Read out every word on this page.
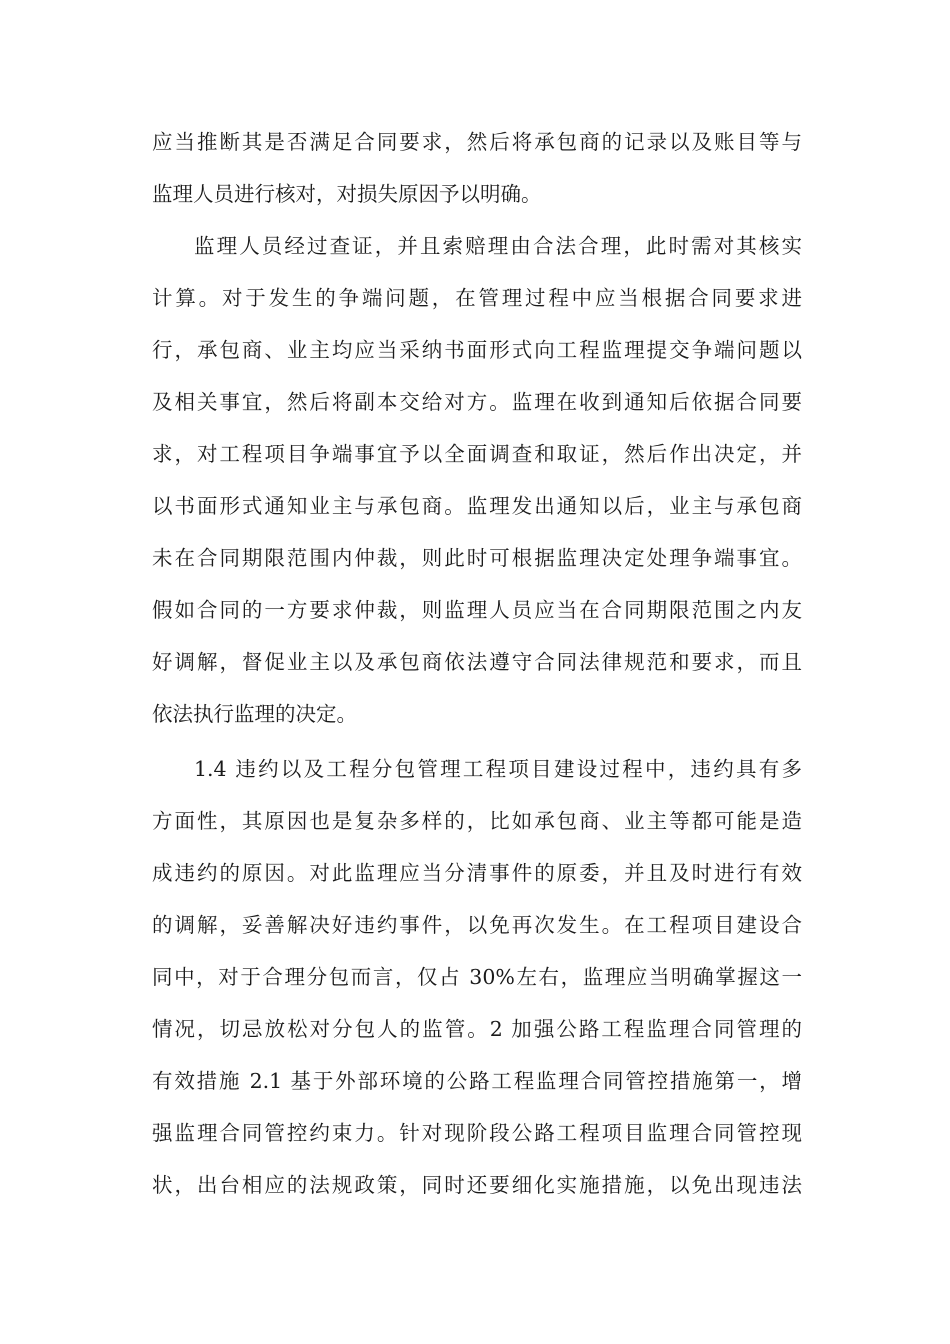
应当推断其是否满足合同要求，然后将承包商的记录以及账目等与
监理人员进行核对，对损失原因予以明确。
监理人员经过查证，并且索赔理由合法合理，此时需对其核实
计算。对于发生的争端问题，在管理过程中应当根据合同要求进
行，承包商、业主均应当采纳书面形式向工程监理提交争端问题以
及相关事宜，然后将副本交给对方。监理在收到通知后依据合同要
求，对工程项目争端事宜予以全面调查和取证，然后作出决定，并
以书面形式通知业主与承包商。监理发出通知以后，业主与承包商
未在合同期限范围内仲裁，则此时可根据监理决定处理争端事宜。
假如合同的一方要求仲裁，则监理人员应当在合同期限范围之内友
好调解，督促业主以及承包商依法遵守合同法律规范和要求，而且
依法执行监理的决定。
1.4 违约以及工程分包管理工程项目建设过程中，违约具有多
方面性，其原因也是复杂多样的，比如承包商、业主等都可能是造
成违约的原因。对此监理应当分清事件的原委，并且及时进行有效
的调解，妥善解决好违约事件，以免再次发生。在工程项目建设合
同中，对于合理分包而言，仅占 30%左右，监理应当明确掌握这一
情况，切忌放松对分包人的监管。2 加强公路工程监理合同管理的
有效措施 2.1 基于外部环境的公路工程监理合同管控措施第一，增
强监理合同管控约束力。针对现阶段公路工程项目监理合同管控现
状，出台相应的法规政策，同时还要细化实施措施，以免出现违法
